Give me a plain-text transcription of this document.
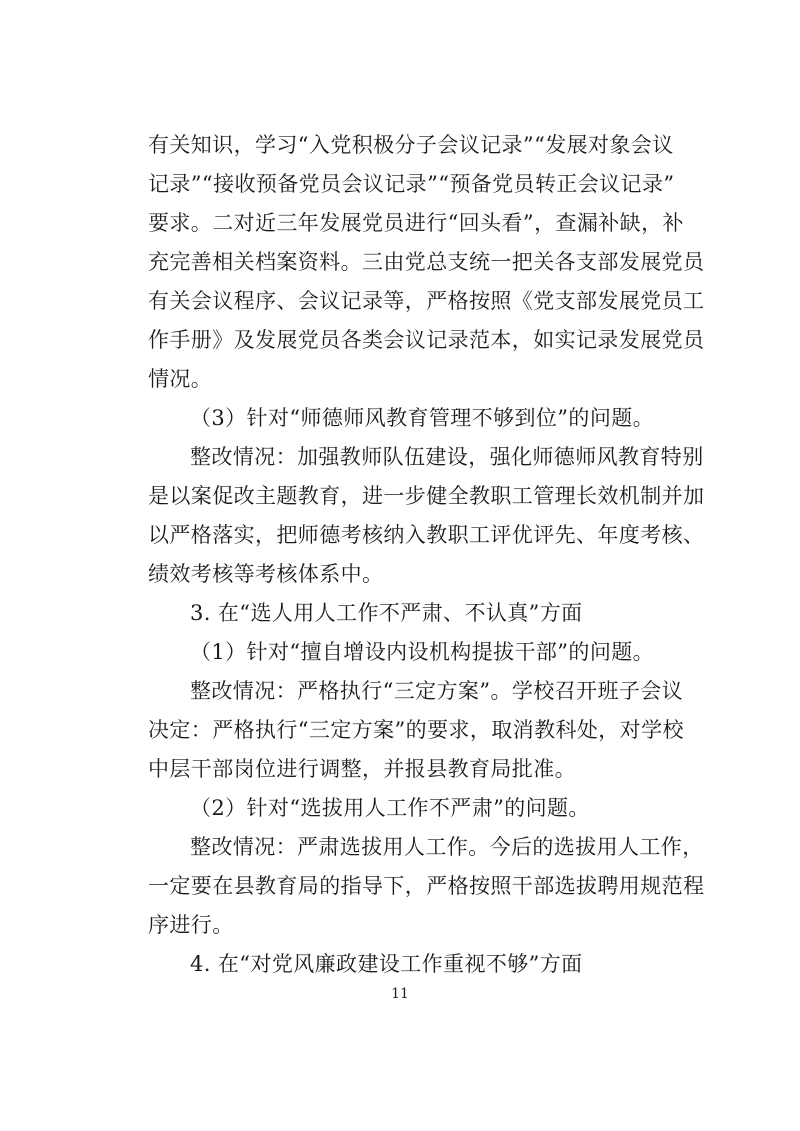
有关知识，学习“入党积极分子会议记录”“发展对象会议
记录”“接收预备党员会议记录”“预备党员转正会议记录”
要求。二对近三年发展党员进行“回头看”，查漏补缺，补
充完善相关档案资料。三由党总支统一把关各支部发展党员
有关会议程序、会议记录等，严格按照《党支部发展党员工
作手册》及发展党员各类会议记录范本，如实记录发展党员
情况。
（3）针对“师德师风教育管理不够到位”的问题。
整改情况：加强教师队伍建设，强化师德师风教育特别
是以案促改主题教育，进一步健全教职工管理长效机制并加
以严格落实，把师德考核纳入教职工评优评先、年度考核、
绩效考核等考核体系中。
3. 在“选人用人工作不严肃、不认真”方面
（1）针对“擅自增设内设机构提拔干部”的问题。
整改情况：严格执行“三定方案”。学校召开班子会议
决定：严格执行“三定方案”的要求，取消教科处，对学校
中层干部岗位进行调整，并报县教育局批准。
（2）针对“选拔用人工作不严肃”的问题。
整改情况：严肃选拔用人工作。今后的选拔用人工作，
一定要在县教育局的指导下，严格按照干部选拔聘用规范程
序进行。
4. 在“对党风廉政建设工作重视不够”方面
11
